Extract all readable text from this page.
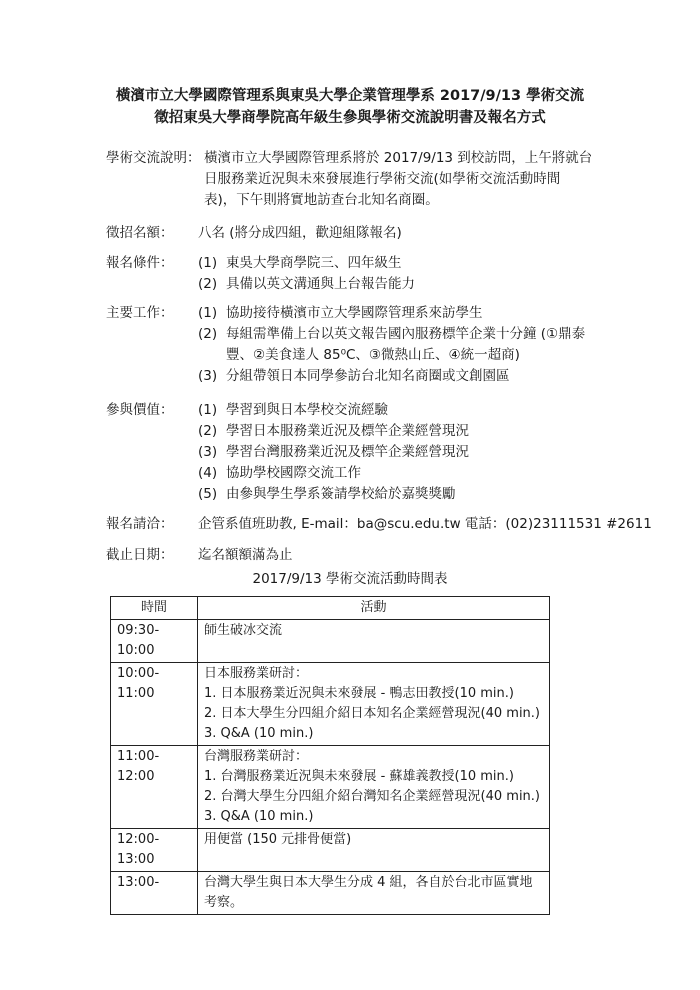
橫濱市立大學國際管理系與東吳大學企業管理學系 2017/9/13 學術交流
徵招東吳大學商學院高年級生參與學術交流說明書及報名方式
學術交流說明： 橫濱市立大學國際管理系將於 2017/9/13 到校訪問，上午將就台
日服務業近況與未來發展進行學術交流(如學術交流活動時間
表)，下午則將實地訪查台北知名商圈。
徵招名額： 八名 (將分成四組，歡迎組隊報名)
報名條件： (1) 東吳大學商學院三、四年級生
(2) 具備以英文溝通與上台報告能力
主要工作： (1) 協助接待橫濱市立大學國際管理系來訪學生
(2) 每組需準備上台以英文報告國內服務標竿企業十分鐘 (①鼎泰
豐、②美食達人 85⁰C、③微熱山丘、④統一超商)
(3) 分組帶領日本同學參訪台北知名商圈或文創園區
參與價值： (1) 學習到與日本學校交流經驗
(2) 學習日本服務業近況及標竿企業經營現況
(3) 學習台灣服務業近況及標竿企業經營現況
(4) 協助學校國際交流工作
(5) 由參與學生學系簽請學校給於嘉獎獎勵
報名請洽： 企管系值班助教, E-mail：ba@scu.edu.tw 電話：(02)23111531 #2611
截止日期： 迄名額額滿為止
2017/9/13 學術交流活動時間表
時間	活動
09:30-10:00	師生破冰交流

10:00-11:00	日本服務業研討：
1. 日本服務業近況與未來發展 - 鴨志田教授(10 min.)
2. 日本大學生分四組介紹日本知名企業經營現況(40 min.)
3. Q&A (10 min.)

11:00-12:00	台灣服務業研討：
1. 台灣服務業近況與未來發展 - 蘇雄義教授(10 min.)
2. 台灣大學生分四組介紹台灣知名企業經營現況(40 min.)
3. Q&A (10 min.)

12:00-13:00	用便當 (150 元排骨便當)

13:00-	台灣大學生與日本大學生分成 4 組，各自於台北市區實地
考察。
